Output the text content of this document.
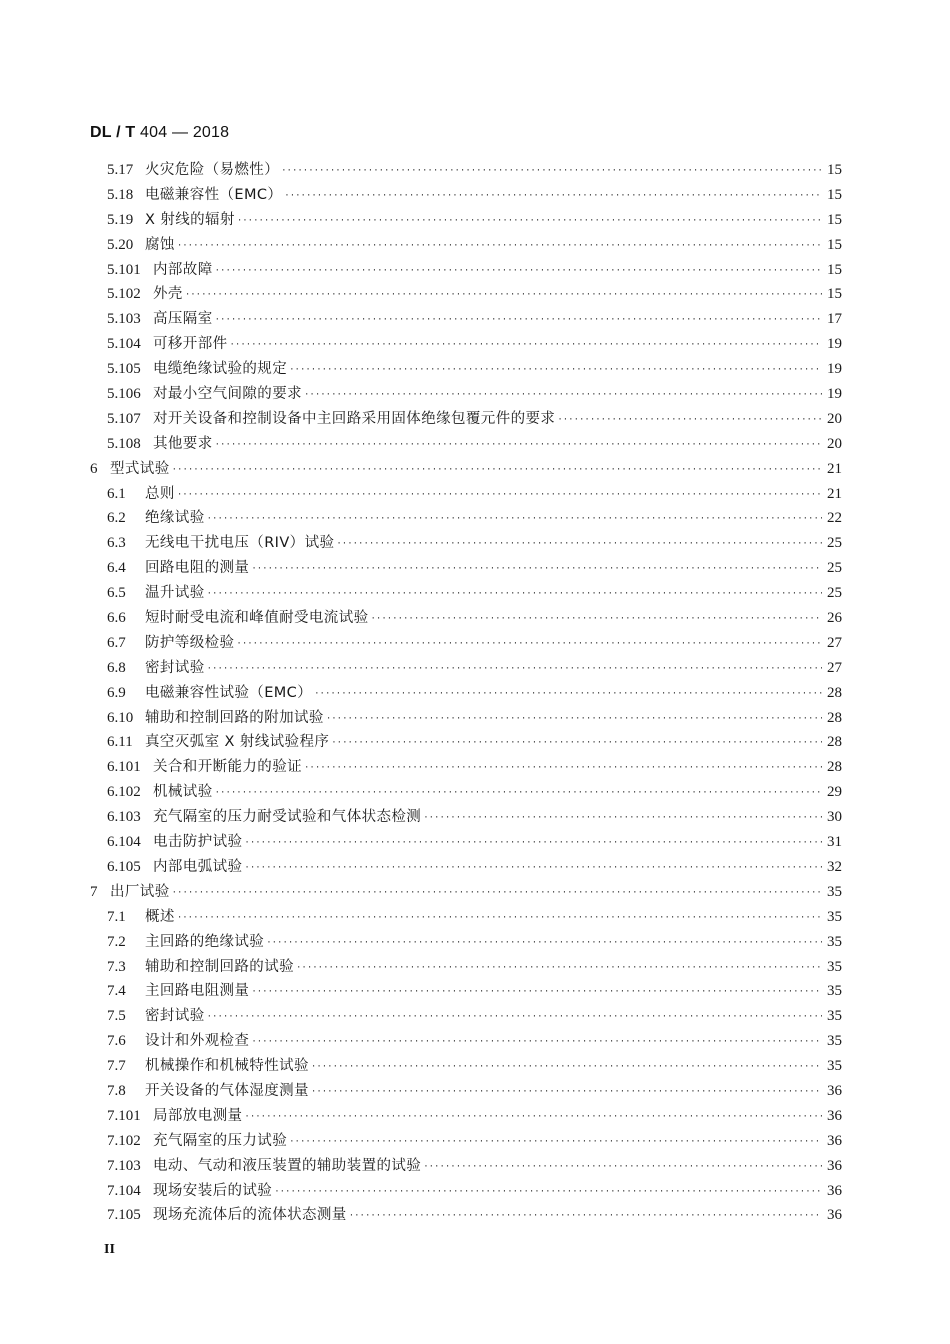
DL / T 404 — 2018
5.17 火灾危险（易燃性） ·····	15
5.18 电磁兼容性（EMC） ·····	15
5.19 X 射线的辐射 ·····	15
5.20 腐蚀 ·····	15
5.101 内部故障 ·····	15
5.102 外壳 ·····	15
5.103 高压隔室 ·····	17
5.104 可移开部件 ·····	19
5.105 电缆绝缘试验的规定 ·····	19
5.106 对最小空气间隙的要求 ·····	19
5.107 对开关设备和控制设备中主回路采用固体绝缘包覆元件的要求 ·····	20
5.108 其他要求 ·····	20
6 型式试验 ·····	21
6.1	总则 ·····	21
6.2	绝缘试验 ·····	22
6.3	无线电干扰电压（RIV）试验 ·····	25
6.4	回路电阻的测量 ·····	25
6.5	温升试验 ·····	25
6.6	短时耐受电流和峰值耐受电流试验 ·····	26
6.7	防护等级检验 ·····	27
6.8	密封试验 ·····	27
6.9	电磁兼容性试验（EMC） ·····	28
6.10 辅助和控制回路的附加试验 ·····	28
6.11 真空灭弧室 X 射线试验程序 ·····	28
6.101 关合和开断能力的验证 ·····	28
6.102 机械试验 ·····	29
6.103 充气隔室的压力耐受试验和气体状态检测 ·····	30
6.104 电击防护试验 ·····	31
6.105 内部电弧试验 ·····	32
7 出厂试验 ·····	35
7.1	概述 ·····	35
7.2	主回路的绝缘试验 ·····	35
7.3	辅助和控制回路的试验 ·····	35
7.4	主回路电阻测量 ·····	35
7.5	密封试验 ·····	35
7.6	设计和外观检查 ·····	35
7.7	机械操作和机械特性试验 ·····	35
7.8	开关设备的气体湿度测量 ·····	36
7.101 局部放电测量 ·····	36
7.102 充气隔室的压力试验 ·····	36
7.103 电动、气动和液压装置的辅助装置的试验 ·····	36
7.104 现场安装后的试验 ·····	36
7.105 现场充流体后的流体状态测量 ·····	36
II
